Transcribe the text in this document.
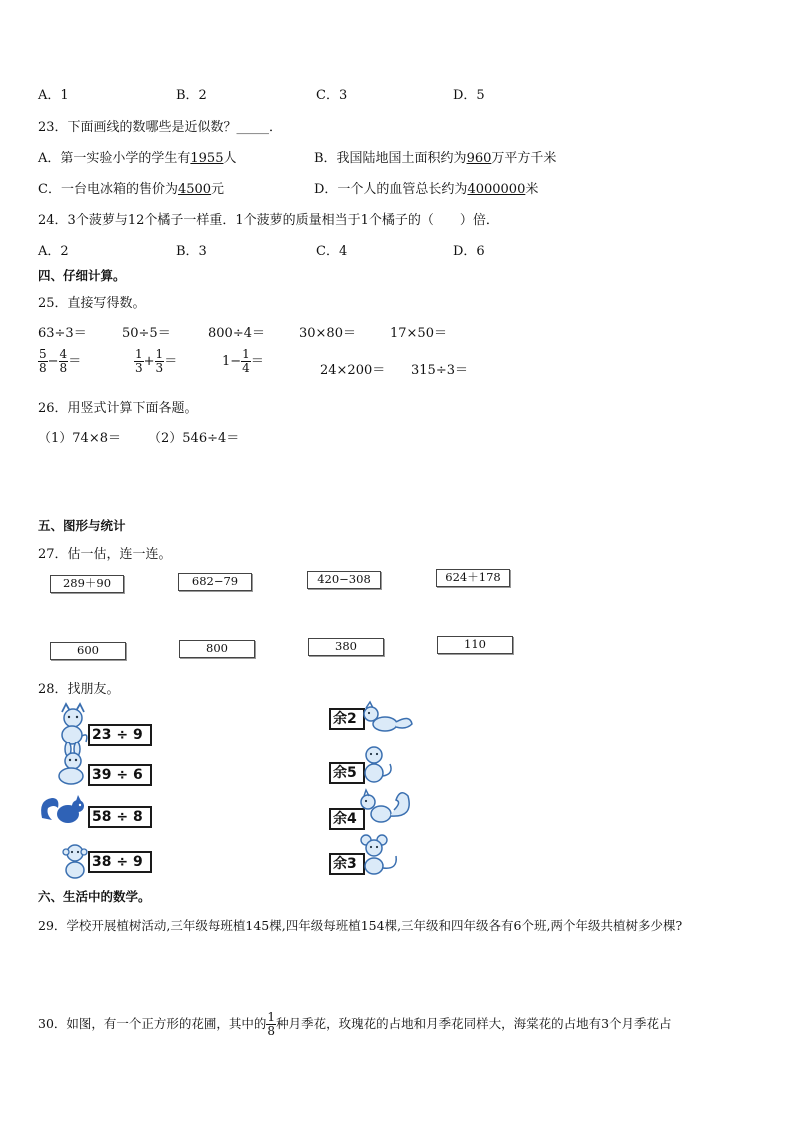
A．1	B．2	C．3	D．5
23．下面画线的数哪些是近似数？_____．
A．第一实验小学的学生有1955人	B．我国陆地国土面积约为960万平方千米
C．一台电冰箱的售价为4500元	D．一个人的血管总长约为4000000米
24．3个菠萝与12个橘子一样重．1个菠萝的质量相当于1个橘子的（　　）倍．
A．2	B．3	C．4	D．6
四、仔细计算。
25．直接写得数。
63÷3＝	50÷5＝	800÷4＝	30×80＝	17×50＝
$\frac{5}{8} - \frac{4}{8}$ ＝	$\frac{1}{3} + \frac{1}{3}$ ＝	$1- \frac{1}{4}$ ＝
24×200＝ 315÷3＝
26．用竖式计算下面各题。
（1）74×8＝ （2）546÷4＝
五、图形与统计
27．估一估，连一连。
289＋90	682−79	420−308	624＋178
600	800	380	110
28．找朋友。
23 ÷ 9
39 ÷ 6
58 ÷ 8
38 ÷ 9
余2
余5
余4
余3
六、生活中的数学。
29．学校开展植树活动,三年级每班植145棵,四年级每班植154棵,三年级和四年级各有6个班,两个年级共植树多少棵?
30．如图，有一个正方形的花圃，其中的 $\frac{1}{8}$ 种月季花，玫瑰花的占地和月季花同样大，海棠花的占地有3个月季花占
